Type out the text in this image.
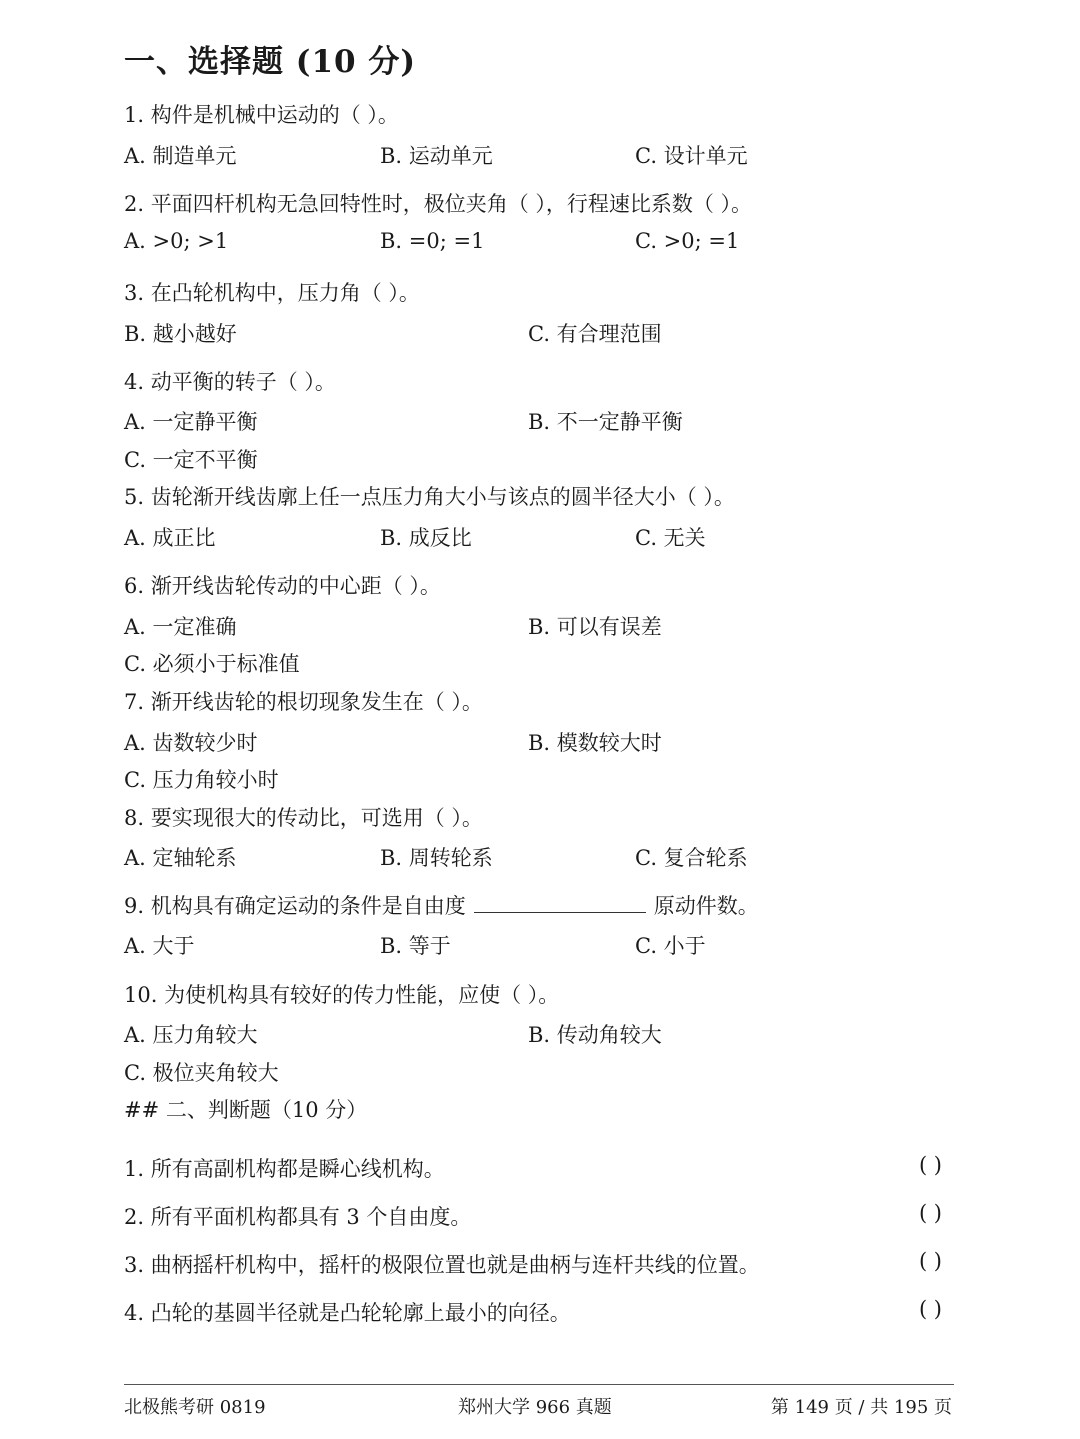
一、选择题 (10 分)
1. 构件是机械中运动的（ ）。
A. 制造单元	B. 运动单元	C. 设计单元
2. 平面四杆机构无急回特性时，极位夹角（ ），行程速比系数（ ）。
A. >0; >1	B. =0; =1	C. >0; =1
3. 在凸轮机构中，压力角（ ）。
B. 越小越好	C. 有合理范围
4. 动平衡的转子（ ）。
A. 一定静平衡	B. 不一定静平衡
C. 一定不平衡
5. 齿轮渐开线齿廓上任一点压力角大小与该点的圆半径大小（ ）。
A. 成正比	B. 成反比	C. 无关
6. 渐开线齿轮传动的中心距（ ）。
A. 一定准确	B. 可以有误差
C. 必须小于标准值
7. 渐开线齿轮的根切现象发生在（ ）。
A. 齿数较少时	B. 模数较大时
C. 压力角较小时
8. 要实现很大的传动比，可选用（ ）。
A. 定轴轮系	B. 周转轮系	C. 复合轮系
9. 机构具有确定运动的条件是自由度	原动件数。
A. 大于	B. 等于	C. 小于
10. 为使机构具有较好的传力性能，应使（ ）。
A. 压力角较大	B. 传动角较大
C. 极位夹角较大
## 二、判断题（10 分）
1. 所有高副机构都是瞬心线机构。	( )
2. 所有平面机构都具有 3 个自由度。	( )
3. 曲柄摇杆机构中，摇杆的极限位置也就是曲柄与连杆共线的位置。	( )
4. 凸轮的基圆半径就是凸轮轮廓上最小的向径。	( )
北极熊考研 0819	郑州大学 966 真题	第 149 页 / 共 195 页
